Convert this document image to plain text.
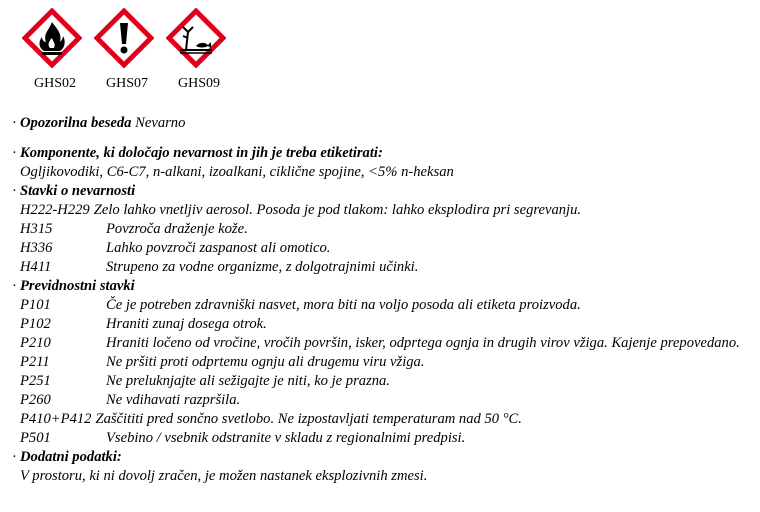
GHS02	GHS07	GHS09
· Opozorilna beseda Nevarno
· Komponente, ki določajo nevarnost in jih je treba etiketirati:
Ogljikovodiki, C6-C7, n-alkani, izoalkani, ciklične spojine, <5% n-heksan
· Stavki o nevarnosti
H222-H229 Zelo lahko vnetljiv aerosol. Posoda je pod tlakom: lahko eksplodira pri segrevanju.
H315	Povzroča draženje kože.
H336	Lahko povzroči zaspanost ali omotico.
H411	Strupeno za vodne organizme, z dolgotrajnimi učinki.
· Previdnostni stavki
P101	Če je potreben zdravniški nasvet, mora biti na voljo posoda ali etiketa proizvoda.
P102	Hraniti zunaj dosega otrok.
P210	Hraniti ločeno od vročine, vročih površin, isker, odprtega ognja in drugih virov vžiga. Kajenje prepovedano.
P211	Ne pršiti proti odprtemu ognju ali drugemu viru vžiga.
P251	Ne preluknjajte ali sežigajte je niti, ko je prazna.
P260	Ne vdihavati razpršila.
P410+P412 Zaščititi pred sončno svetlobo. Ne izpostavljati temperaturam nad 50 °C.
P501	Vsebino / vsebnik odstranite v skladu z regionalnimi predpisi.
· Dodatni podatki:
V prostoru, ki ni dovolj zračen, je možen nastanek eksplozivnih zmesi.
